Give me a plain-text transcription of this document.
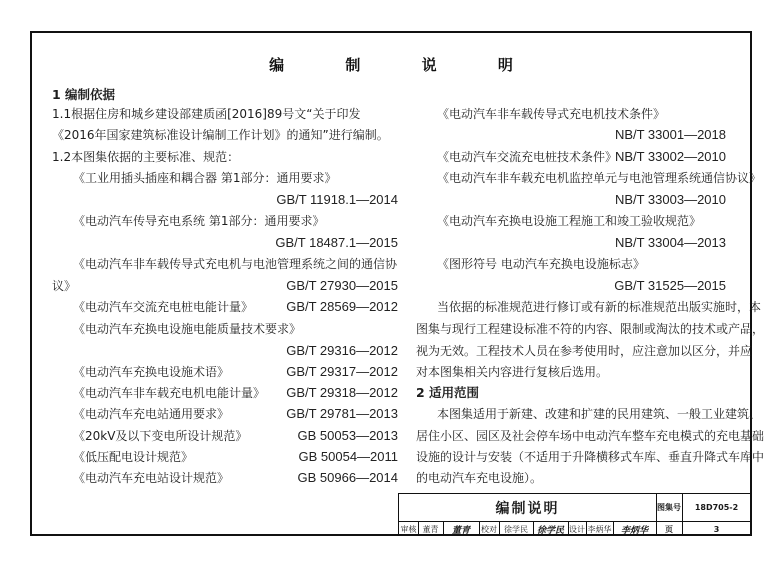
编 制 说 明
1 编制依据
1.1根据住房和城乡建设部建质函[2016]89号文“关于印发
《2016年国家建筑标准设计编制工作计划》的通知”进行编制。
1.2本图集依据的主要标准、规范：
《工业用插头插座和耦合器 第1部分：通用要求》
GB/T 11918.1—2014
《电动汽车传导充电系统 第1部分：通用要求》
GB/T 18487.1—2015
《电动汽车非车载传导式充电机与电池管理系统之间的通信协
议》	GB/T 27930—2015
《电动汽车交流充电桩电能计量》	GB/T 28569—2012
《电动汽车充换电设施电能质量技术要求》
GB/T 29316—2012
《电动汽车充换电设施术语》	GB/T 29317—2012
《电动汽车非车载充电机电能计量》 GB/T 29318—2012
《电动汽车充电站通用要求》	GB/T 29781—2013
《20kV及以下变电所设计规范》	GB 50053—2013
《低压配电设计规范》	GB 50054—2011
《电动汽车充电站设计规范》	GB 50966—2014
《电动汽车非车载传导式充电机技术条件》
NB/T 33001—2018
《电动汽车交流充电桩技术条件》
NB/T 33002—2010
《电动汽车非车载充电机监控单元与电池管理系统通信协议》
NB/T 33003—2010
《电动汽车充换电设施工程施工和竣工验收规范》
NB/T 33004—2013
《图形符号 电动汽车充换电设施标志》
GB/T 31525—2015
当依据的标准规范进行修订或有新的标准规范出版实施时，本
图集与现行工程建设标准不符的内容、限制或淘汰的技术或产品，
视为无效。工程技术人员在参考使用时，应注意加以区分，并应
对本图集相关内容进行复核后选用。
2 适用范围
本图集适用于新建、改建和扩建的民用建筑、一般工业建筑、
居住小区、园区及社会停车场中电动汽车整车充电模式的充电基础
设施的设计与安装（不适用于升降横移式车库、垂直升降式车库中
的电动汽车充电设施）。
编制说明	图集号	18D705-2
审核 董青	董青	校对 徐学民 徐学民 设计 李炳华	李炳华	页	3
